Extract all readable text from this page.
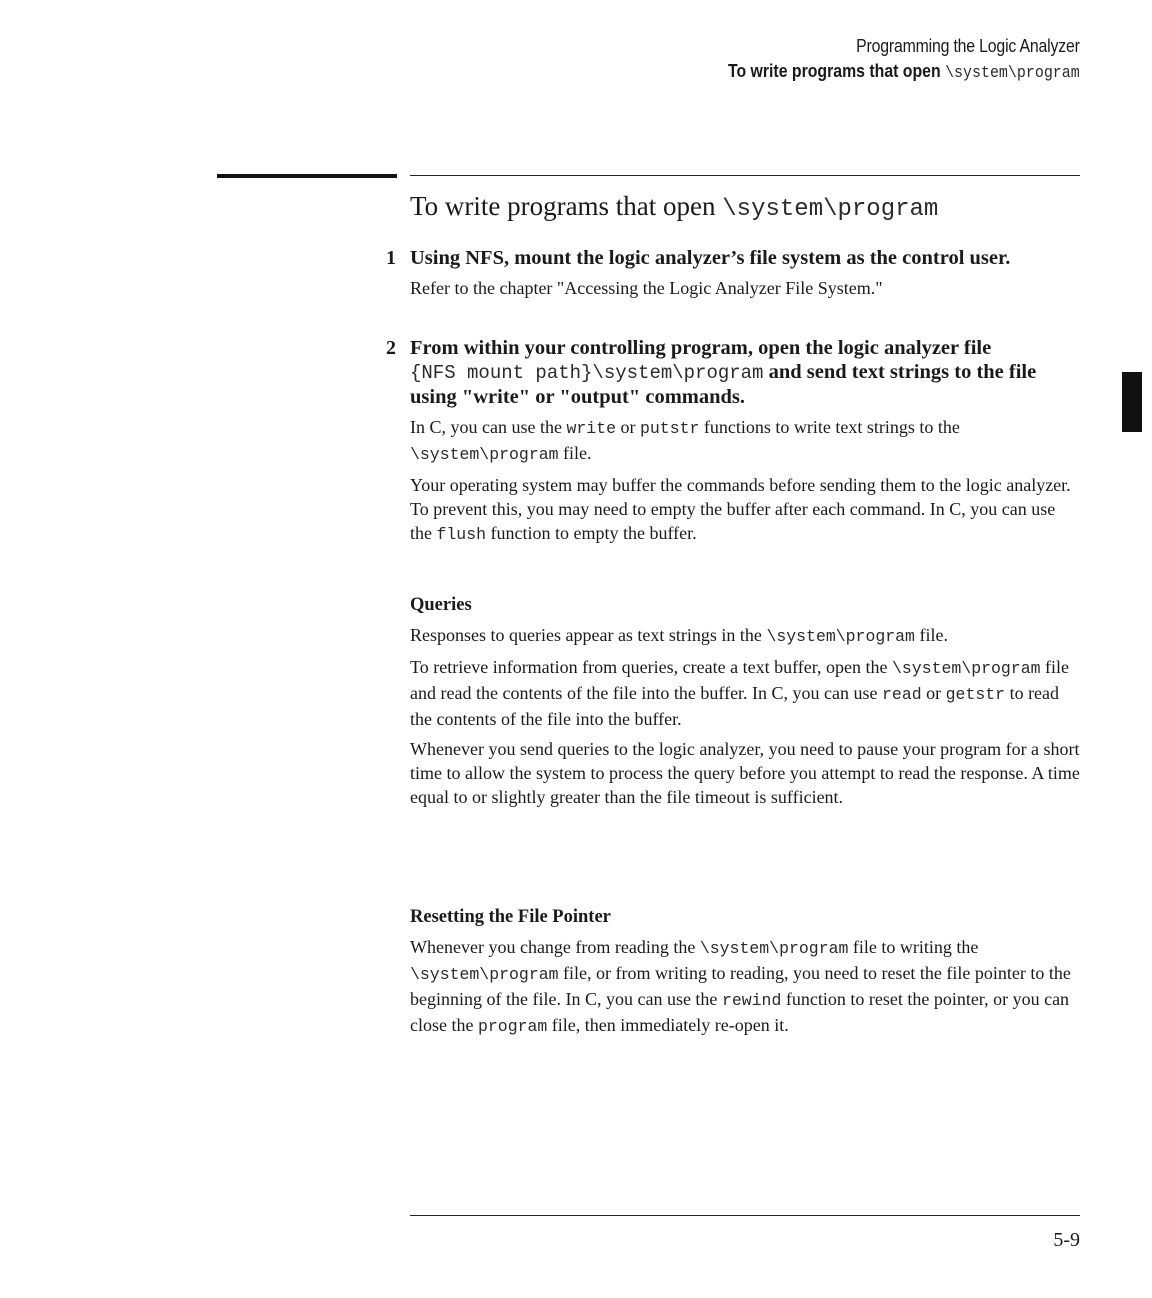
Programming the Logic Analyzer
To write programs that open \system\program
To write programs that open \system\program
1 Using NFS, mount the logic analyzer’s file system as the control user.

Refer to the chapter "Accessing the Logic Analyzer File System."

2 From within your controlling program, open the logic analyzer file
{NFS mount path}\system\program and send text strings to the file using "write" or "output" commands.

In C, you can use the write or putstr functions to write text strings to the \system\program file.

Your operating system may buffer the commands before sending them to the logic analyzer. To prevent this, you may need to empty the buffer after each command. In C, you can use the flush function to empty the buffer.

Queries

Responses to queries appear as text strings in the \system\program file.

To retrieve information from queries, create a text buffer, open the \system\program file and read the contents of the file into the buffer. In C, you can use read or getstr to read the contents of the file into the buffer.

Whenever you send queries to the logic analyzer, you need to pause your program for a short time to allow the system to process the query before you attempt to read the response. A time equal to or slightly greater than the file timeout is sufficient.

Resetting the File Pointer

Whenever you change from reading the \system\program file to writing the \system\program file, or from writing to reading, you need to reset the file pointer to the beginning of the file. In C, you can use the rewind function to reset the pointer, or you can close the program file, then immediately re-open it.

5-9
